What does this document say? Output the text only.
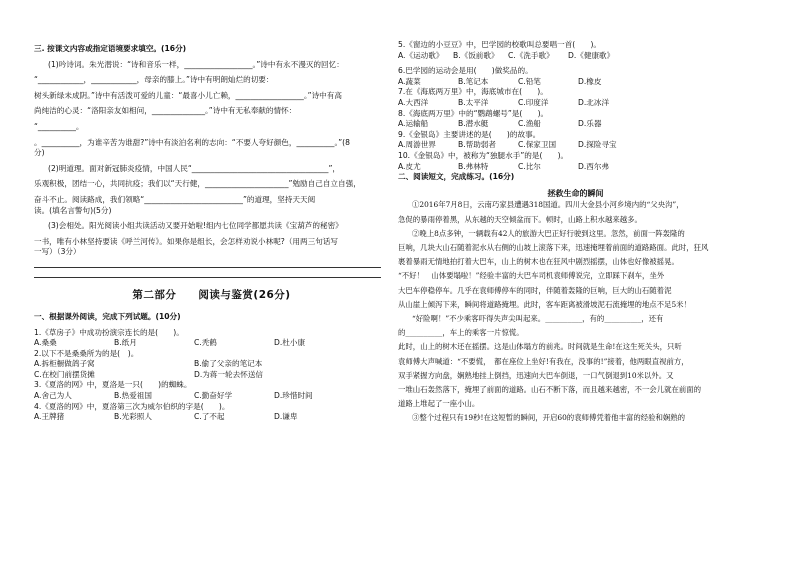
三. 按课文内容或指定语境要求填空。(16分)
(1)吟诗词。朱光潜说：“诗和音乐一样，__________________。”诗中有永不漫灭的回忆：
“____________，____________，母亲的膝上。”诗中有明朗灿烂的切要：
树头新绿未成阴。”诗中有活泼可爱的儿童：“最喜小儿亡赖，__________________。”诗中有高
尚纯洁的心灵：“洛阳亲友如相问，______________。”诗中有无私奉献的情怀：
“__________。
。__________，为谁辛苦为谁甜?”诗中有淡泊名利的志向：“不要人夸好颜色，__________。”(8
分)
(2)明道理。面对新冠肺炎疫情，中国人民“____________________________________”，
乐观积极，团结一心，共同抗疫；我们以“天行健，______________________”勉励自己自立自强，
奋斗不止。阅读路成，我们领略“__________________________”的道理，坚持天天阅
读。(填名言警句)(5分)
(3)会相处。阳光阅读小组共读活动又要开始啦!组内七位同学都愿共读《宝葫芦的秘密》
一书，唯有小林坚持要读《呼兰河传》。如果你是组长，会怎样劝说小林呢?（用两三句话写
一写）（3分）
第二部分　　阅读与鉴赏(26分)
一、根据课外阅读，完成下列试题。(10分)
1.《草房子》中成功扮演宗连长的是(　　)。
A.桑桑	B.纸月	C.秃鹤	D.杜小康
2.以下不是桑桑所为的是(　)。
A.拆柜橱做鸽子窝	B.偷了父亲的笔记本
C.在校门前摆货摊	D.为蒋一轮去怀送信
3.《夏洛的网》中，夏洛是一只(　　)的蜘蛛。
A.舍己为人	B.热爱祖国	C.勤奋好学	D.珍惜时间
4.《夏洛的网》中，夏洛第三次为威尔伯织的字是(　　)。
A.王牌猪	B.光彩照人	C.了不起	D.谦卑
5.《窗边的小豆豆》中，巴学园的校歌叫总要唱一首(　　)。
A.《运动歌》	B.《饭前歌》	C.《洗手歌》	D.《健康歌》
6.巴学园的运动会是用(　　)做奖品的。
A.蔬菜	B.笔记本	C.铅笔	D.橡皮
7.在《海底两万里》中，海底城市在(　　)。
A.大西洋	B.太平洋	C.印度洋	D.北冰洋
8.《海底两万里》中的“鹦鹉螺号”是(　　)。
A.运输船	B.潜水艇	C.渔船	D.乐器
9.《金银岛》主要讲述的是(　　)的故事。
A.周游世界	B.帮助弱者	C.保家卫国	D.探险寻宝
10.《金银岛》中，被称为“独腿水手”的是(　　)。
A.皮尤	B.弗林特	C.比尔	D.西尔弗
二、阅读短文，完成练习。(16分)
拯救生命的瞬间
①2016年7月8日，云南巧家县遭遇318国道。四川大金县小河乡境内的“父央沟”，
急促的暴雨停着黑，从东越的天空倾盆而下。顿时，山路上积水越来越多。
②晚上8点多钟，一辆载有42人的旅游大巴正好行驶到这里。忽然，前面一阵轰隆的
巨响，几块大山石随着泥水从右侧的山坡上滚落下来，迅速掩埋着前面的道路路面。此时，狂风
裹着暴雨无情地拍打着大巴车，山上的树木也在狂风中剧烈摇摆，山体也好像被摇晃。
“不好！　山体要塌啦！”经验丰富的大巴车司机袁师傅说完，立即踩下刹车，坐外
大巴车停稳停车。几乎在袁师傅停车的同时，伴随着轰隆的巨响，巨大的山石随着泥
从山崖上倾泻下来，瞬间将道路掩埋。此时，客车距离被滑坡泥石流掩埋的地点不足5米！
“好险啊！”不少乘客吓得失声尖叫起来。__________，有的__________，还有
的__________，车上的乘客一片惊慌。
此时，山上的树木还在摇摆。这是山体塌方的前兆。时间就是生命!在这生死关头，只听
袁师傅大声喊道：“不要慌，　都在座位上坐好!有我在，没事的!”接着，他两眼直视前方，
双手紧握方向盘，娴熟地挂上倒挡，迅速向大巴车倒退，一口气倒退到10米以外。又
一堆山石轰然落下，掩埋了前面的道路。山石不断下落，而且越来越密，不一会儿就在前面的
道路上堆起了一座小山。
③整个过程只有19秒!在这短暂的瞬间，开启60的袁师傅凭着他丰富的经验和娴熟的
